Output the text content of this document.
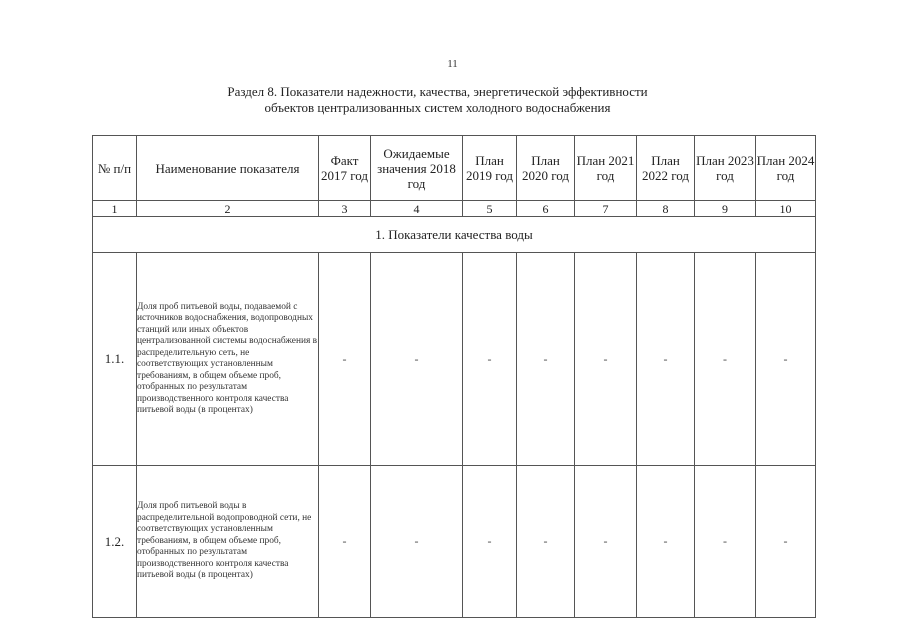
11
Раздел 8. Показатели надежности, качества, энергетической эффективности
объектов централизованных систем холодного водоснабжения
№ п/п	Наименование показателя	Факт 2017 год	Ожидаемые значения 2018 год	План 2019 год	План 2020 год	План 2021 год	План 2022 год	План 2023 год	План 2024 год
1	2	3	4	5	6	7	8	9	10
1. Показатели качества воды									
1.1.	Доля проб питьевой воды, подаваемой с источников водоснабжения, водопроводных станций или иных объектов централизованной системы водоснабжения в распределительную сеть, не соответствующих установленным требованиям, в общем объеме проб, отобранных по результатам производственного контроля качества питьевой воды (в процентах)	-	-	-	-	-	-	-	-
1.2.	Доля проб питьевой воды в распределительной водопроводной сети, не соответствующих установленным требованиям, в общем объеме проб, отобранных по результатам производственного контроля качества питьевой воды (в процентах)	-	-	-	-	-	-	-	-
